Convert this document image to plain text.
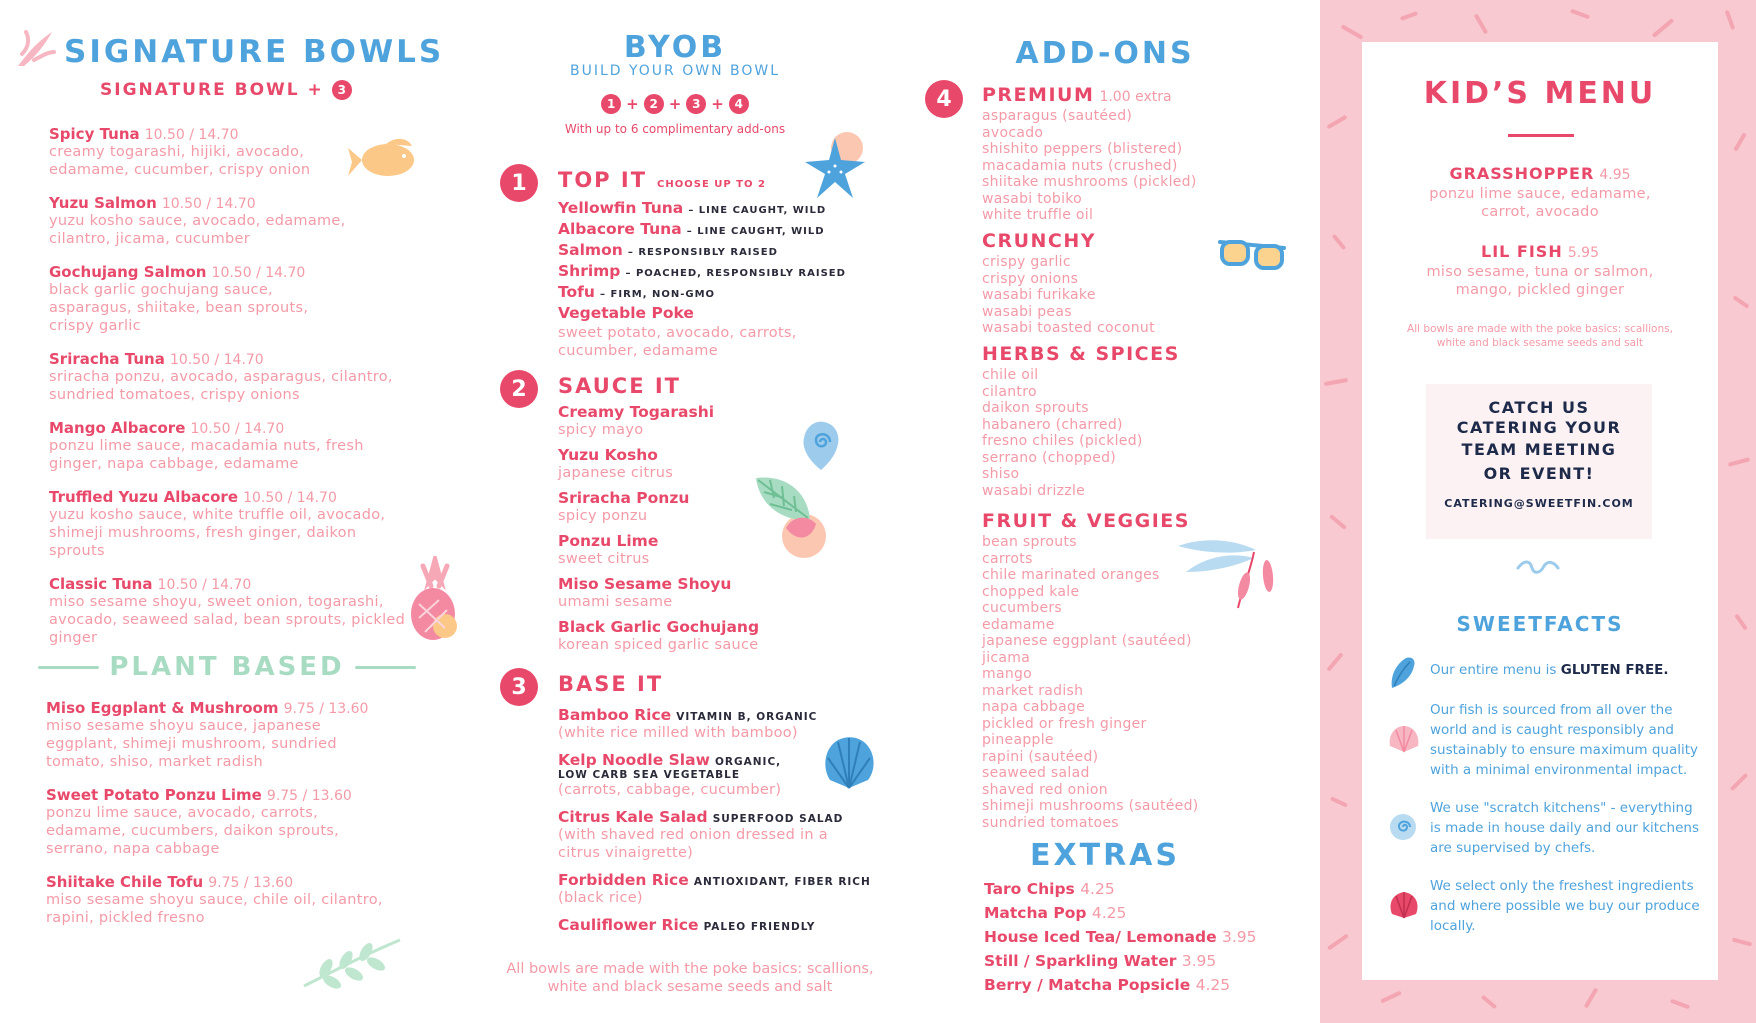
SIGNATURE BOWLS
SIGNATURE BOWL +	3
Spicy Tuna 10.50 / 14.70
creamy togarashi, hijiki, avocado, edamame, cucumber, crispy onion
Yuzu Salmon 10.50 / 14.70
yuzu kosho sauce, avocado, edamame, cilantro, jicama, cucumber
Gochujang Salmon 10.50 / 14.70
black garlic gochujang sauce, asparagus, shiitake, bean sprouts, crispy garlic
Sriracha Tuna 10.50 / 14.70
sriracha ponzu, avocado, asparagus, cilantro, sundried tomatoes, crispy onions
Mango Albacore 10.50 / 14.70
ponzu lime sauce, macadamia nuts, fresh ginger, napa cabbage, edamame
Truffled Yuzu Albacore 10.50 / 14.70
yuzu kosho sauce, white truffle oil, avocado, shimeji mushrooms, fresh ginger, daikon sprouts
Classic Tuna 10.50 / 14.70
miso sesame shoyu, sweet onion, togarashi, avocado, seaweed salad, bean sprouts, pickled ginger
PLANT BASED
Miso Eggplant & Mushroom 9.75 / 13.60
miso sesame shoyu sauce, japanese eggplant, shimeji mushroom, sundried tomato, shiso, market radish
Sweet Potato Ponzu Lime 9.75 / 13.60
ponzu lime sauce, avocado, carrots, edamame, cucumbers, daikon sprouts, serrano, napa cabbage
Shiitake Chile Tofu 9.75 / 13.60
miso sesame shoyu sauce, chile oil, cilantro, rapini, pickled fresno
BYOB
BUILD YOUR OWN BOWL
1 + 2 + 3 + 4
With up to 6 complimentary add-ons
1	TOP IT CHOOSE UP TO 2
Yellowfin Tuna – LINE CAUGHT, WILD
Albacore Tuna – LINE CAUGHT, WILD
Salmon – RESPONSIBLY RAISED
Shrimp – POACHED, RESPONSIBLY RAISED
Tofu – FIRM, NON-GMO
Vegetable Poke
sweet potato, avocado, carrots, cucumber, edamame
2	SAUCE IT
Creamy Togarashi
spicy mayo
Yuzu Kosho
japanese citrus
Sriracha Ponzu
spicy ponzu
Ponzu Lime
sweet citrus
Miso Sesame Shoyu
umami sesame
Black Garlic Gochujang
korean spiced garlic sauce
3	BASE IT
Bamboo Rice VITAMIN B, ORGANIC
(white rice milled with bamboo)
Kelp Noodle Slaw ORGANIC,
LOW CARB SEA VEGETABLE
(carrots, cabbage, cucumber)
Citrus Kale Salad SUPERFOOD SALAD
(with shaved red onion dressed in a citrus vinaigrette)
Forbidden Rice ANTIOXIDANT, FIBER RICH
(black rice)
Cauliflower Rice PALEO FRIENDLY
All bowls are made with the poke basics: scallions, white and black sesame seeds and salt
ADD-ONS
4	PREMIUM 1.00 extra
asparagus (sautéed)
avocado
shishito peppers (blistered)
macadamia nuts (crushed)
shiitake mushrooms (pickled)
wasabi tobiko
white truffle oil
CRUNCHY
crispy garlic
crispy onions
wasabi furikake
wasabi peas
wasabi toasted coconut
HERBS & SPICES
chile oil
cilantro
daikon sprouts
habanero (charred)
fresno chiles (pickled)
serrano (chopped)
shiso
wasabi drizzle
FRUIT & VEGGIES
bean sprouts
carrots
chile marinated oranges
chopped kale
cucumbers
edamame
japanese eggplant (sautéed)
jicama
mango
market radish
napa cabbage
pickled or fresh ginger
pineapple
rapini (sautéed)
seaweed salad
shaved red onion
shimeji mushrooms (sautéed)
sundried tomatoes
EXTRAS
Taro Chips 4.25
Matcha Pop 4.25
House Iced Tea/ Lemonade 3.95
Still / Sparkling Water 3.95
Berry / Matcha Popsicle 4.25
KID’S MENU
GRASSHOPPER 4.95
ponzu lime sauce, edamame, carrot, avocado
LIL FISH 5.95
miso sesame, tuna or salmon, mango, pickled ginger
All bowls are made with the poke basics: scallions, white and black sesame seeds and salt
CATCH US
CATERING YOUR
TEAM MEETING
OR EVENT!
CATERING@SWEETFIN.COM
SWEETFACTS
Our entire menu is GLUTEN FREE.
Our fish is sourced from all over the world and is caught responsibly and sustainably to ensure maximum quality with a minimal environmental impact.
We use "scratch kitchens" - everything is made in house daily and our kitchens are supervised by chefs.
We select only the freshest ingredients and where possible we buy our produce locally.
